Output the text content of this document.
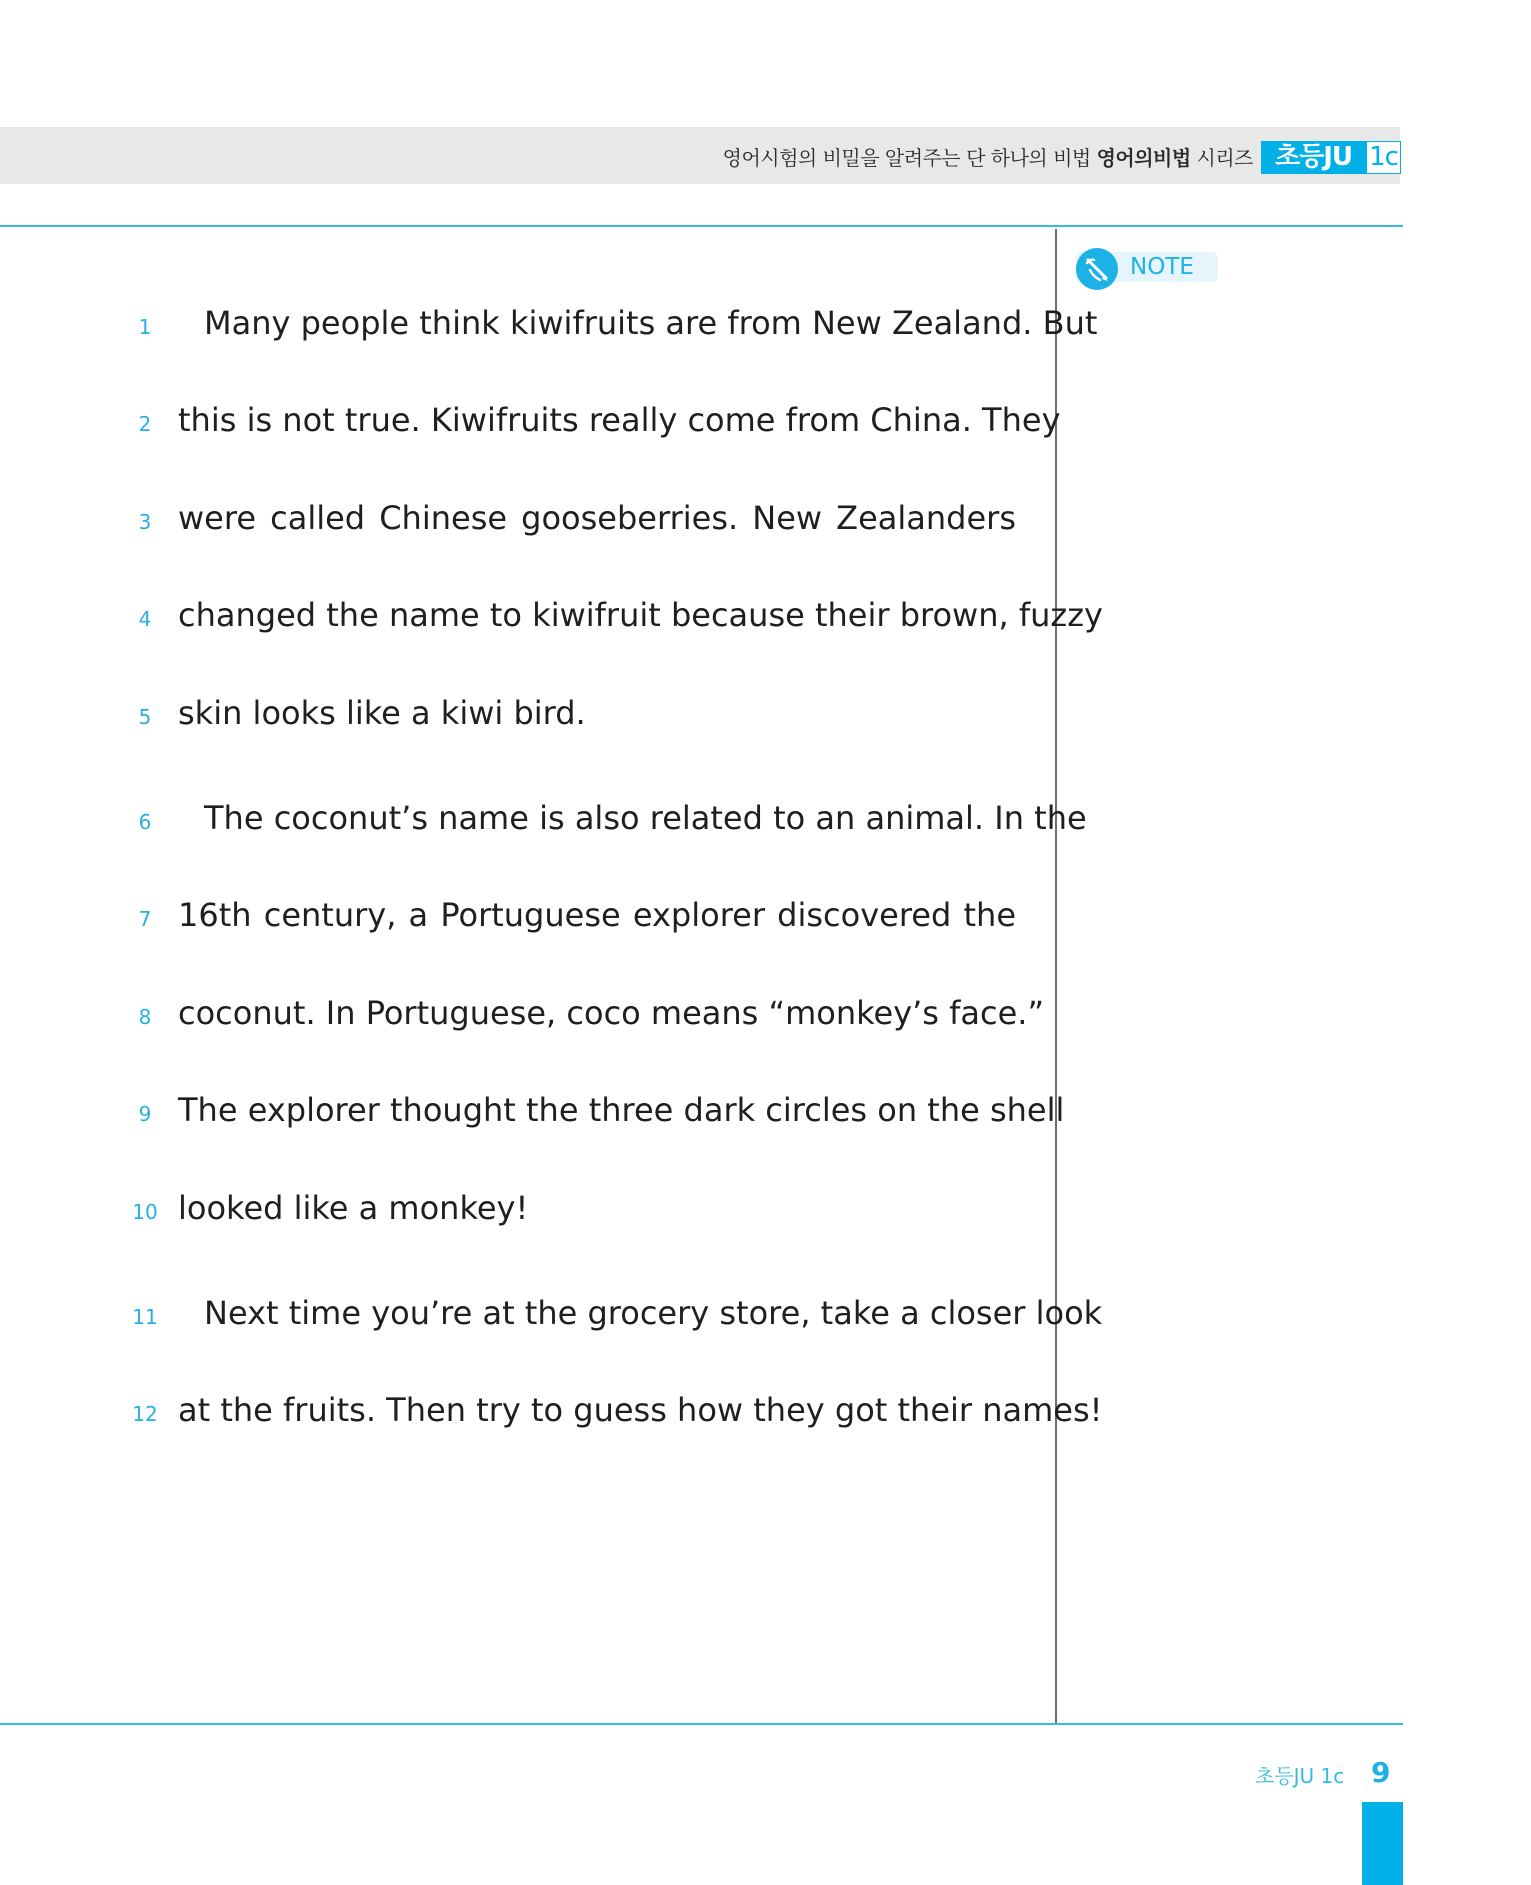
영어시험의 비밀을 알려주는 단 하나의 비법 영어의비법 시리즈 초등JU 1c
NOTE
1	Many people think kiwifruits are from New Zealand. But
2 this is not true. Kiwifruits really come from China. They
3 were called Chinese gooseberries. New Zealanders
4 changed the name to kiwifruit because their brown, fuzzy
5 skin looks like a kiwi bird.
6	The coconut’s name is also related to an animal. In the
7 16th century, a Portuguese explorer discovered the
8 coconut. In Portuguese, coco means “monkey’s face.”
9 The explorer thought the three dark circles on the shell
10 looked like a monkey!
11	Next time you’re at the grocery store, take a closer look
12 at the fruits. Then try to guess how they got their names!
초등JU 1c 9
